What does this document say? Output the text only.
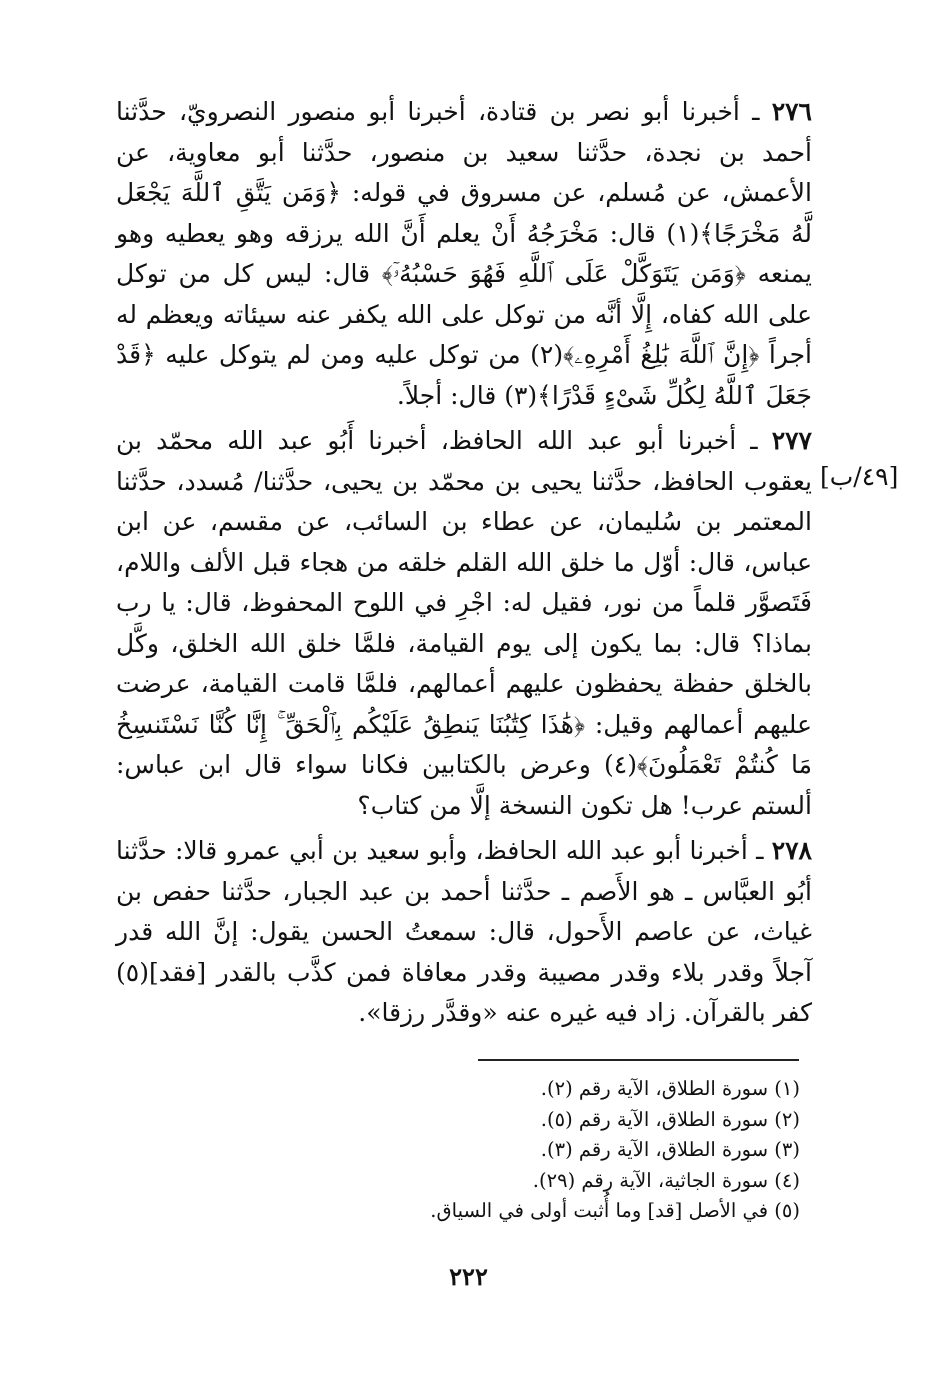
٢٧٦ ـ أخبرنا أبو نصر بن قتادة، أخبرنا أبو منصور النصرويّ، حدَّثنا أحمد بن نجدة، حدَّثنا سعيد بن منصور، حدَّثنا أبو معاوية، عن الأعمش، عن مُسلم، عن مسروق في قوله: ﴿وَمَن يَتَّقِ ٱللَّهَ يَجْعَل لَّهُ مَخْرَجًا﴾(١) قال: مَخْرَجُهُ أَنْ يعلم أَنَّ الله يرزقه وهو يعطيه وهو يمنعه ﴿وَمَن يَتَوَكَّلْ عَلَى ٱللَّهِ فَهُوَ حَسْبُهُۥٓ﴾ قال: ليس كل من توكل على الله كفاه، إِلَّا أنَّه من توكل على الله يكفر عنه سيئاته ويعظم له أجراً ﴿إِنَّ ٱللَّهَ بَٰلِغُ أَمْرِهِۦ﴾(٢) من توكل عليه ومن لم يتوكل عليه ﴿قَدْ جَعَلَ ٱللَّهُ لِكُلِّ شَىْءٍ قَدْرًا﴾(٣) قال: أجلاً.

٢٧٧ ـ أخبرنا أبو عبد الله الحافظ، أخبرنا أَبُو عبد الله محمّد بن يعقوب الحافظ، حدَّثنا يحيى بن محمّد بن يحيى، حدَّثنا/ مُسدد، حدَّثنا المعتمر بن سُليمان، عن عطاء بن السائب، عن مقسم، عن ابن عباس، قال: أوّل ما خلق الله القلم خلقه من هجاء قبل الألف واللام، فَتَصوَّر قلماً من نور، فقيل له: اجْرِ في اللوح المحفوظ، قال: يا رب بماذا؟ قال: بما يكون إلى يوم القيامة، فلمَّا خلق الله الخلق، وكَّل بالخلق حفظة يحفظون عليهم أعمالهم، فلمَّا قامت القيامة، عرضت عليهم أعمالهم وقيل: ﴿هَٰذَا كِتَٰبُنَا يَنطِقُ عَلَيْكُم بِٱلْحَقِّ ۚ إِنَّا كُنَّا نَسْتَنسِخُ مَا كُنتُمْ تَعْمَلُونَ﴾(٤) وعرض بالكتابين فكانا سواء قال ابن عباس: ألستم عرب! هل تكون النسخة إلَّا من كتاب؟

٢٧٨ ـ أخبرنا أبو عبد الله الحافظ، وأبو سعيد بن أبي عمرو قالا: حدَّثنا أبُو العبَّاس ـ هو الأَصم ـ حدَّثنا أحمد بن عبد الجبار، حدَّثنا حفص بن غياث، عن عاصم الأَحول، قال: سمعتُ الحسن يقول: إنَّ الله قدر آجلاً وقدر بلاء وقدر مصيبة وقدر معافاة فمن كذَّب بالقدر [فقد](٥) كفر بالقرآن. زاد فيه غيره عنه «وقدَّر رزقا».

[٤٩/ب]
(١) سورة الطلاق، الآية رقم (٢).
(٢) سورة الطلاق، الآية رقم (٥).
(٣) سورة الطلاق، الآية رقم (٣).
(٤) سورة الجاثية، الآية رقم (٢٩).
(٥) في الأصل [قد] وما أُثبت أولى في السياق.
٢٢٢
